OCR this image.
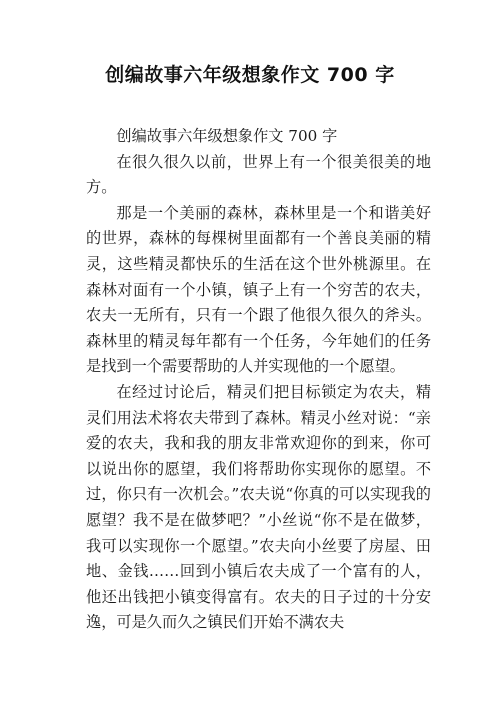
创编故事六年级想象作文 700 字

创编故事六年级想象作文 700 字

在很久很久以前，世界上有一个很美很美的地方。

那是一个美丽的森林，森林里是一个和谐美好的世界，森林的每棵树里面都有一个善良美丽的精灵，这些精灵都快乐的生活在这个世外桃源里。在森林对面有一个小镇，镇子上有一个穷苦的农夫，农夫一无所有，只有一个跟了他很久很久的斧头。森林里的精灵每年都有一个任务，今年她们的任务是找到一个需要帮助的人并实现他的一个愿望。

在经过讨论后，精灵们把目标锁定为农夫，精灵们用法术将农夫带到了森林。精灵小丝对说：“亲爱的农夫，我和我的朋友非常欢迎你的到来，你可以说出你的愿望，我们将帮助你实现你的愿望。不过，你只有一次机会。”农夫说“你真的可以实现我的愿望？我不是在做梦吧？”小丝说“你不是在做梦，我可以实现你一个愿望。”农夫向小丝要了房屋、田地、金钱……回到小镇后农夫成了一个富有的人，他还出钱把小镇变得富有。农夫的日子过的十分安逸，可是久而久之镇民们开始不满农夫
